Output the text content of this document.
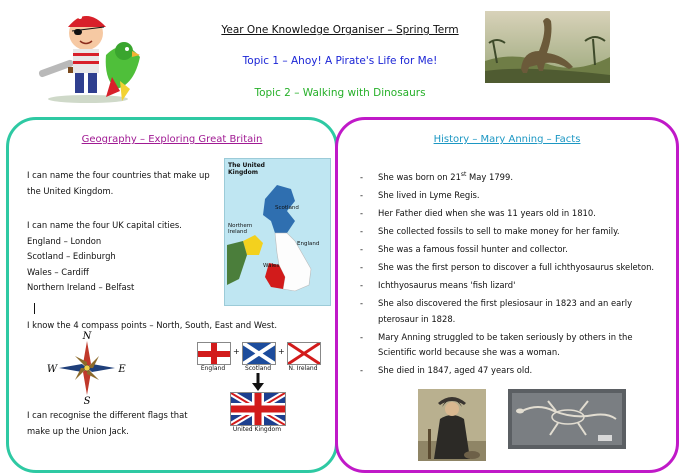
Year One Knowledge Organiser – Spring Term
Topic 1 – Ahoy! A Pirate's Life for Me!
Topic 2 – Walking with Dinosaurs
Geography – Exploring Great Britain
I can name the four countries that make up
the United Kingdom.
I can name the four UK capital cities.
England – London
Scotland – Edinburgh
Wales – Cardiff
Northern Ireland – Belfast
I know the 4 compass points – North, South, East and West.
The United
Kingdom
Scotland
Northern
Ireland
England
Wales
N
S
W	E
+	+
England	Scotland	N. Ireland
United Kingdom
I can recognise the different flags that
make up the Union Jack.
History – Mary Anning – Facts
- She was born on 21st May 1799.
- She lived in Lyme Regis.
- Her Father died when she was 11 years old in 1810.
- She collected fossils to sell to make money for her family.
- She was a famous fossil hunter and collector.
- She was the first person to discover a full ichthyosaurus skeleton.
- Ichthyosaurus means 'fish lizard'
- She also discovered the first plesiosaur in 1823 and an early pterosaur in 1828.
- Mary Anning struggled to be taken seriously by others in the Scientific world because she was a woman.
- She died in 1847, aged 47 years old.
